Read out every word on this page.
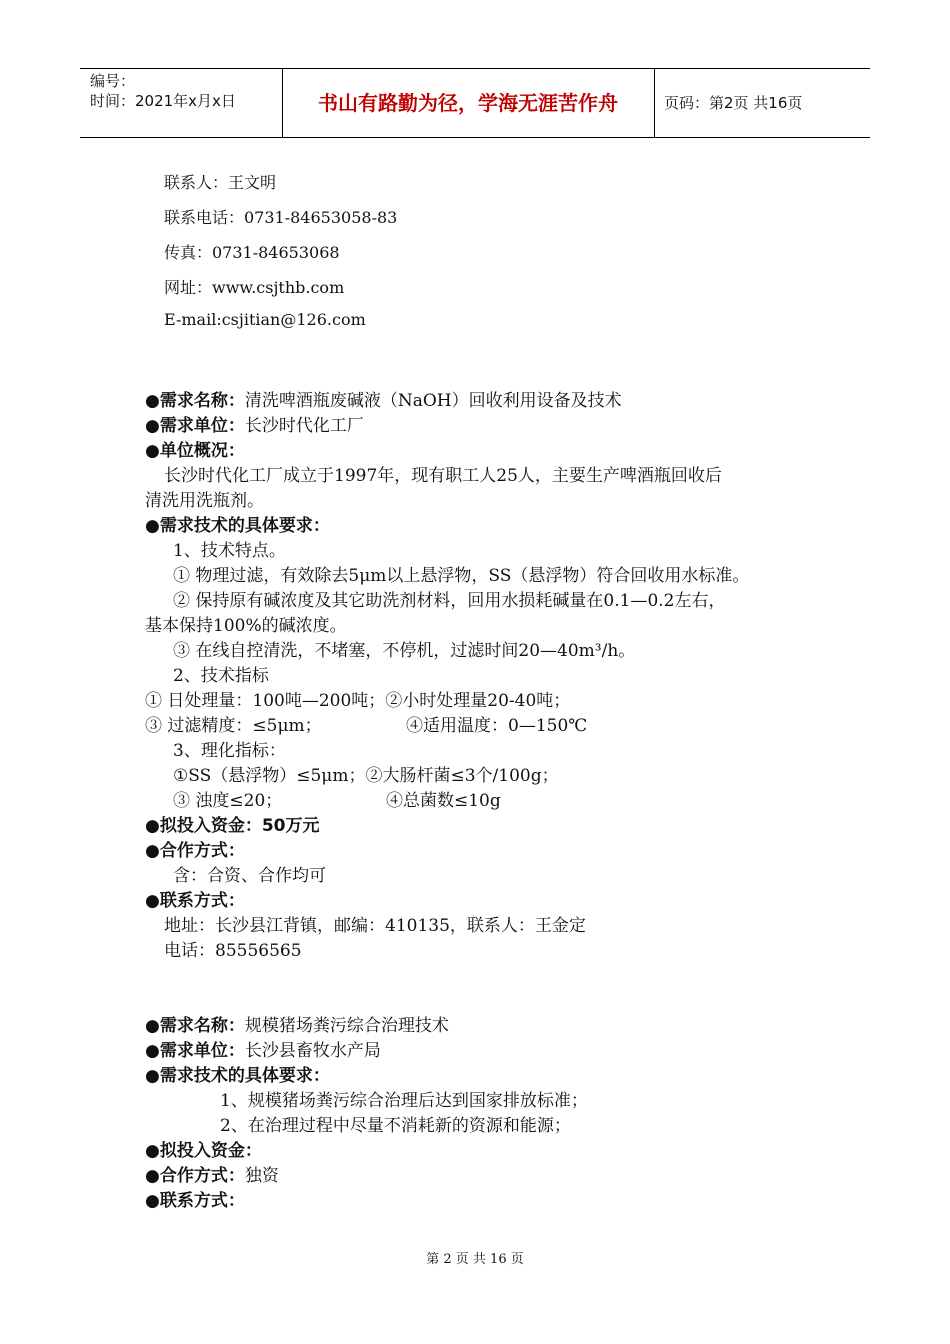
编号：
时间：2021年x月x日	书山有路勤为径，学海无涯苦作舟	页码：第2页 共16页
联系人：王文明
联系电话：0731-84653058-83
传真：0731-84653068
网址：www.csjthb.com
E-mail:csjitian@126.com
●需求名称：清洗啤酒瓶废碱液（NaOH）回收利用设备及技术
●需求单位：长沙时代化工厂
●单位概况：
长沙时代化工厂成立于1997年，现有职工人25人，主要生产啤酒瓶回收后
清洗用洗瓶剂。
●需求技术的具体要求：
1、技术特点。
① 物理过滤，有效除去5μm以上悬浮物，SS（悬浮物）符合回收用水标准。
② 保持原有碱浓度及其它助洗剂材料，回用水损耗碱量在0.1—0.2左右，
基本保持100%的碱浓度。
③ 在线自控清洗，不堵塞，不停机，过滤时间20—40m³/h。
2、技术指标
① 日处理量：100吨—200吨；②小时处理量20-40吨；
③ 过滤精度：≤5μm；	④适用温度：0—150℃
3、理化指标：
①SS（悬浮物）≤5μm；②大肠杆菌≤3个/100g；
③ 浊度≤20；	④总菌数≤10g
●拟投入资金：50万元
●合作方式：
含：合资、合作均可
●联系方式：
地址：长沙县江背镇，邮编：410135，联系人：王金定
电话：85556565
●需求名称：规模猪场粪污综合治理技术
●需求单位：长沙县畜牧水产局
●需求技术的具体要求：
1、规模猪场粪污综合治理后达到国家排放标准；
2、在治理过程中尽量不消耗新的资源和能源；
●拟投入资金：
●合作方式：独资
●联系方式：
第 2 页 共 16 页
